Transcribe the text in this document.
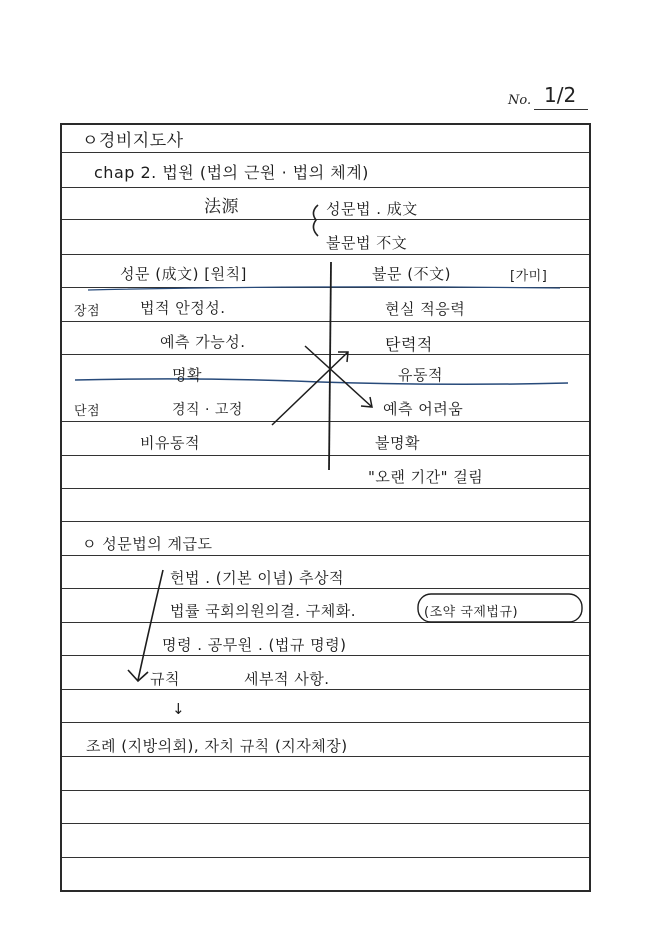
No. 1/2
ㅇ경비지도사
chap 2. 법원 (법의 근원 · 법의 체계)
法源	성문법 . 成文
불문법 不文
성문 (成文) [원칙]	불문 (不文)	[가미]
장점	법적 안정성.	현실 적응력
예측 가능성.	탄력적
명확	유동적
단점	경직 · 고정	예측 어려움
비유동적	불명확
"오랜 기간" 걸림
ㅇ 성문법의 계급도
헌법 . (기본 이념) 추상적
법률 국회의원의결. 구체화.	(조약 국제법규)
명령 . 공무원 . (법규 명령)
규칙	세부적 사항.
↓
조례 (지방의회), 자치 규칙 (지자체장)
